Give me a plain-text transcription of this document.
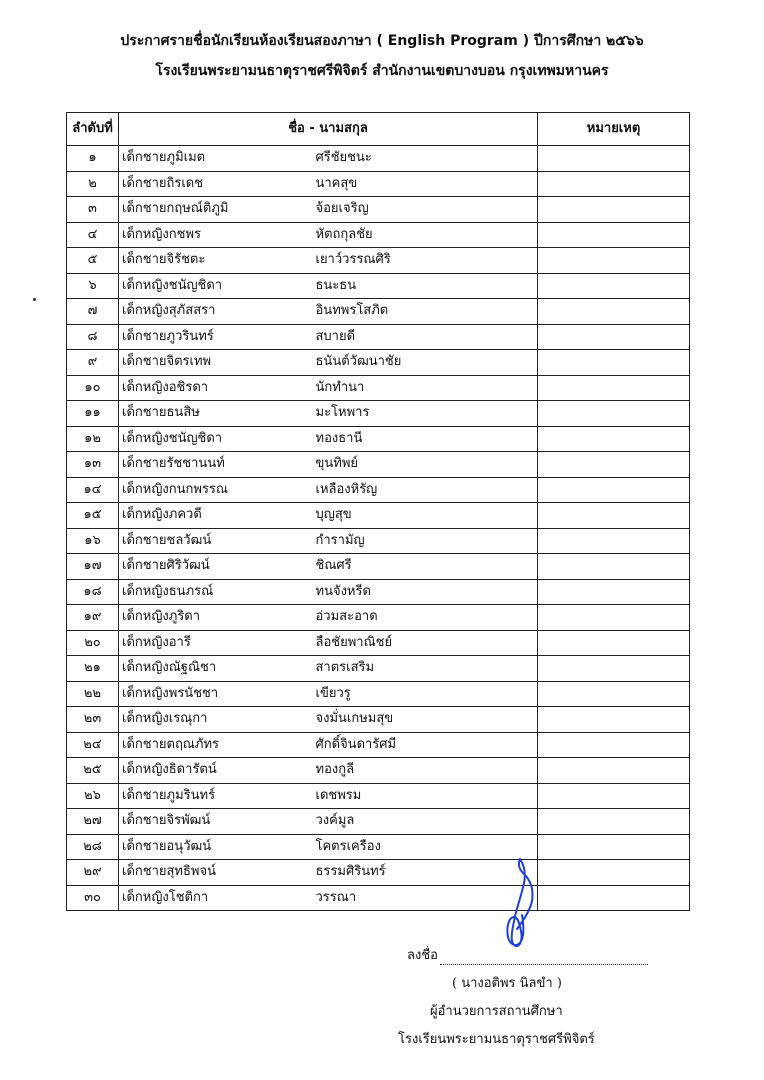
ประกาศรายชื่อนักเรียนห้องเรียนสองภาษา ( English Program ) ปีการศึกษา ๒๕๖๖
โรงเรียนพระยามนธาตุราชศรีพิจิตร์ สำนักงานเขตบางบอน กรุงเทพมหานคร
ลำดับที่	ชื่อ - นามสกุล		หมายเหตุ
๑	เด็กชายภูมิเมต	ศรีชัยชนะ	
๒	เด็กชายถิรเดช	นาคสุข	
๓	เด็กชายกฤษณ์ติภูมิ	จ้อยเจริญ	
๔	เด็กหญิงกชพร	หัตถกุลชัย	
๕	เด็กชายจิรัชตะ	เยาว์วรรณศิริ	
๖	เด็กหญิงชนัญชิดา	ธนะธน	
๗	เด็กหญิงสุภัสสรา	อินทพรโสภิต	
๘	เด็กชายภูวรินทร์	สบายดี	
๙	เด็กชายจิตรเทพ	ธนันต์วัฒนาชัย	
๑๐	เด็กหญิงอชิรดา	นักทำนา	
๑๑	เด็กชายธนสิษ	มะโหพาร	
๑๒	เด็กหญิงชนัญชิดา	ทองธานี	
๑๓	เด็กชายรัชชานนท์	ขุนทิพย์	
๑๔	เด็กหญิงกนกพรรณ	เหลืองหิรัญ	
๑๕	เด็กหญิงภควดี	บุญสุข	
๑๖	เด็กชายชลวัฒน์	กำรามัญ	
๑๗	เด็กชายศิริวัฒน์	ชิณศรี	
๑๘	เด็กหญิงธนภรณ์	ทนจังหรีด	
๑๙	เด็กหญิงภูริดา	อ่วมสะอาด	
๒๐	เด็กหญิงอารี	ลือชัยพาณิชย์	
๒๑	เด็กหญิงณัฐณิชา	สาตรเสริม	
๒๒	เด็กหญิงพรนัชชา	เขียวรู	
๒๓	เด็กหญิงเรณุกา	จงมั่นเกษมสุข	
๒๔	เด็กชายตฤณภัทร	ศักดิ์จินดารัศมี	
๒๕	เด็กหญิงธิดารัตน์	ทองกูลี	
๒๖	เด็กชายภูมรินทร์	เดชพรม	
๒๗	เด็กชายจิรพัฒน์	วงค์มูล	
๒๘	เด็กชายอนุวัฒน์	โคตรเครือง	
๒๙	เด็กชายสุทธิพจน์	ธรรมศิรินทร์	
๓๐	เด็กหญิงโชติกา	วรรณา	
ลงชื่อ
( นางอติพร นิลขำ )
ผู้อำนวยการสถานศึกษา
โรงเรียนพระยามนธาตุราชศรีพิจิตร์
